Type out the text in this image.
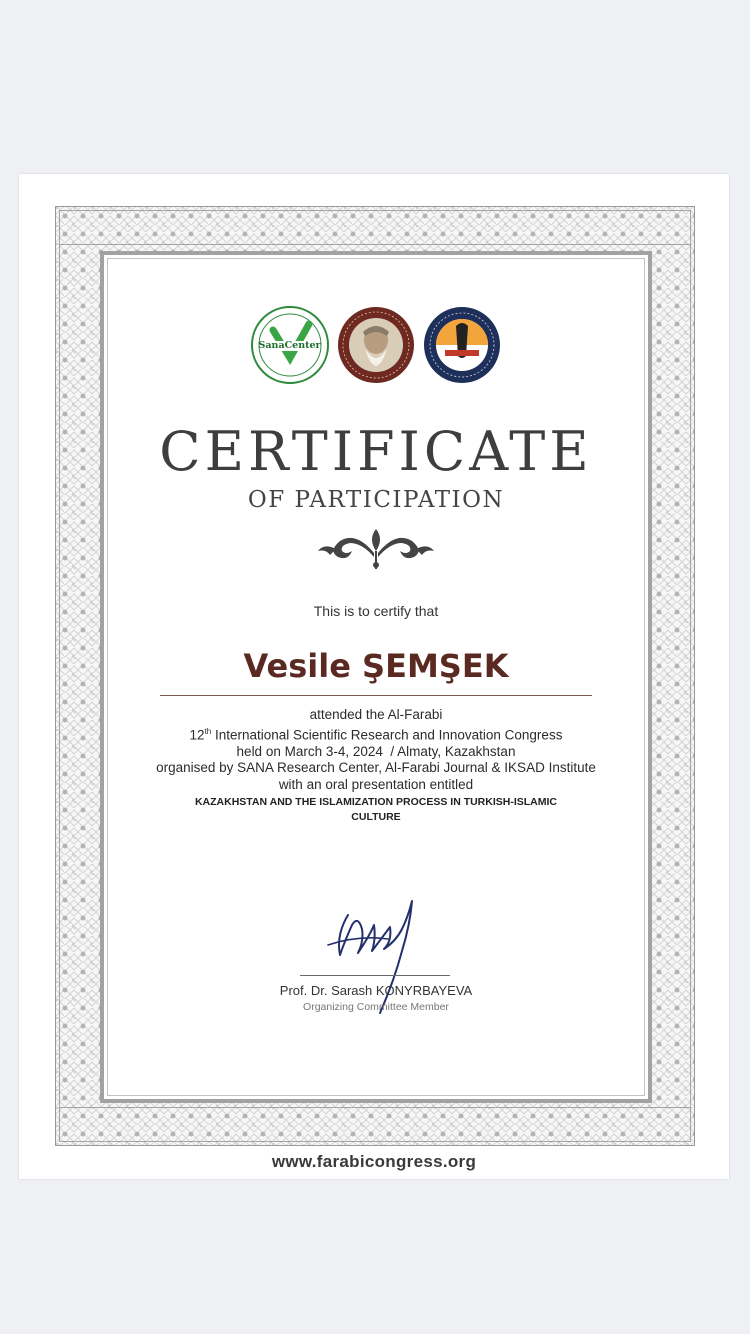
SanaCenter

CERTIFICATE
OF PARTICIPATION
This is to certify that
Vesile ŞEMŞEK
attended the Al-Farabi
12th International Scientific Research and Innovation Congress
held on March 3-4, 2024  / Almaty, Kazakhstan
organised by SANA Research Center, Al-Farabi Journal & IKSAD Institute
with an oral presentation entitled
KAZAKHSTAN AND THE ISLAMIZATION PROCESS IN TURKISH-ISLAMIC
CULTURE
Prof. Dr. Sarash KONYRBAYEVA
Organizing Committee Member
www.farabicongress.org
